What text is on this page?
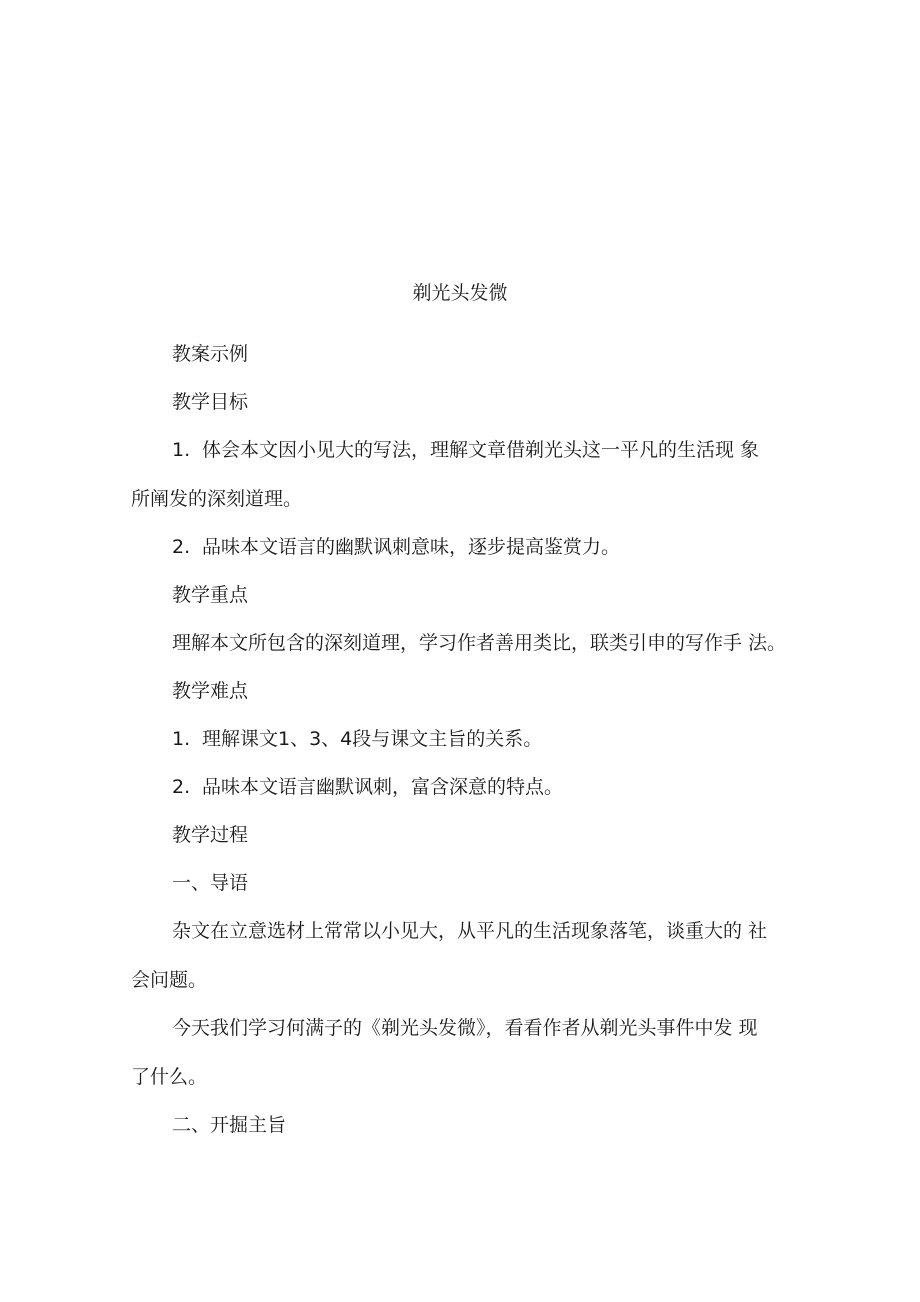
剃光头发微

教案示例

教学目标

1. 体会本文因小见大的写法，理解文章借剃光头这一平凡的生活现 象

所阐发的深刻道理。

2. 品味本文语言的幽默讽刺意味，逐步提高鉴赏力。

教学重点

理解本文所包含的深刻道理，学习作者善用类比，联类引申的写作手 法。

教学难点

1. 理解课文1、3、4段与课文主旨的关系。

2. 品味本文语言幽默讽刺，富含深意的特点。

教学过程

一、导语

杂文在立意选材上常常以小见大，从平凡的生活现象落笔，谈重大的 社

会问题。

今天我们学习何满子的《剃光头发微》，看看作者从剃光头事件中发 现

了什么。

二、开掘主旨
